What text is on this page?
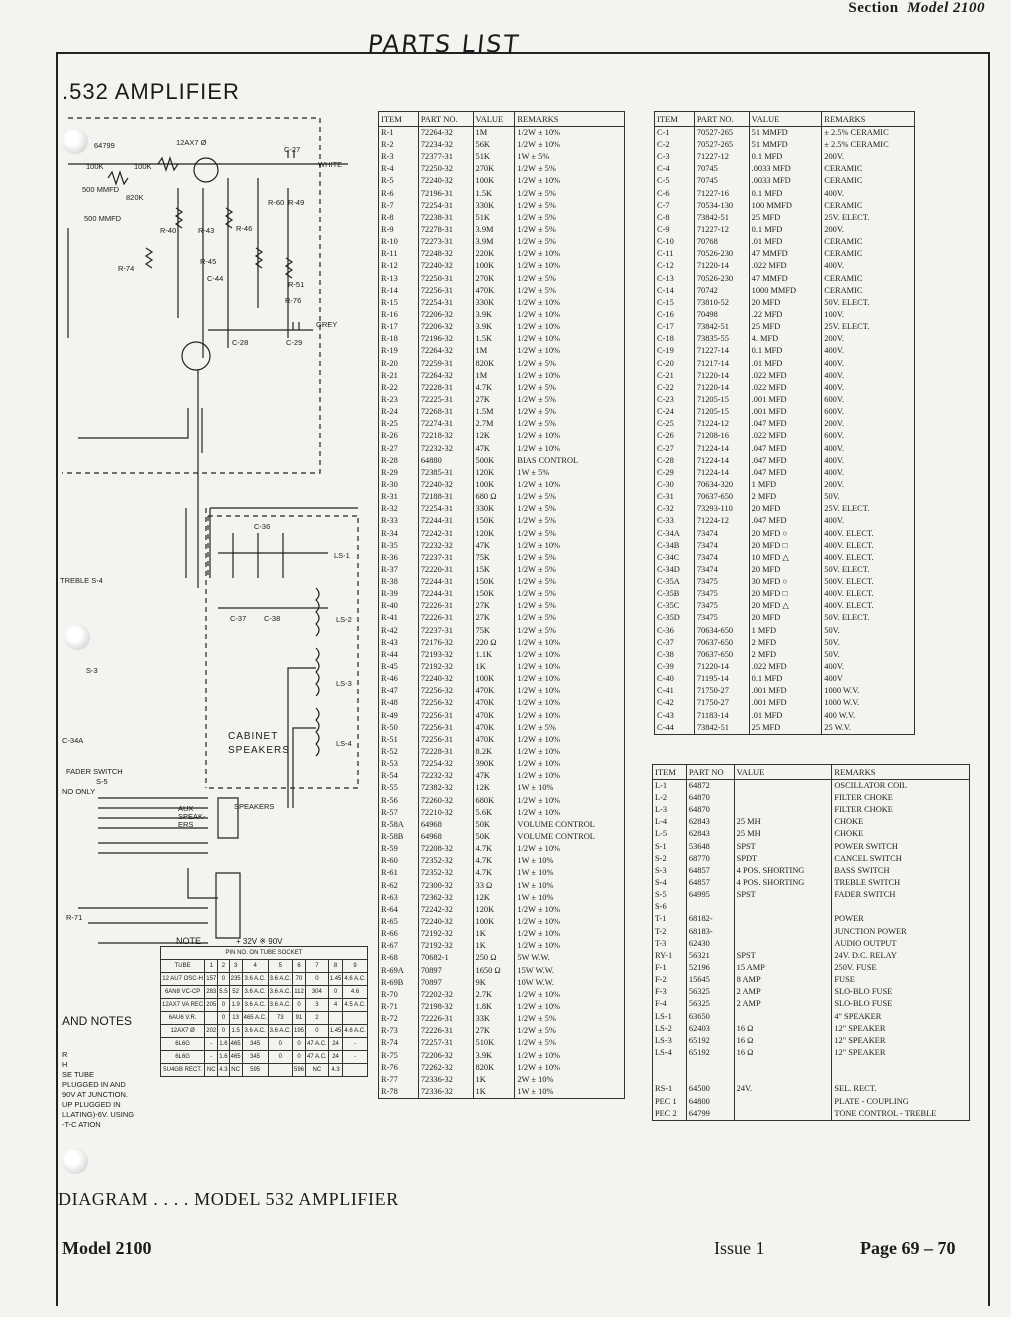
Section Model 2100
PARTS LIST
.532 AMPLIFIER
64799	12AX7 Ø
100K	100K
820K
500 MMFD
500 MMFD
WHITE
GREY
C-27
C-29
C-28
C-44
R-40	R-43	R-46
R-45
R-60 R-49
R-74
R-51
R-76
C-36
C-37 C-38
TREBLE S-4
S-3
LS-1
LS-2
LS-3
LS-4
CABINET
SPEAKERS
C-34A
FADER SWITCH
S-5
NO ONLY
AUX SPEAK- ERS
SPEAKERS
R-71
NOTE	+ 32V ※ 90V
PIN NO. ON TUBE SOCKET									
TUBE	1	2	3	4	5	6	7	8	9
12 AU7 OSC-H	157	0	235	3.6 A.C.	3.6 A.C.	70	0	1.45	4.6 A.C.
6AN8 VC-CP	283	5.5	52	3.6 A.C.	3.6 A.C.	112	304	0	4.6
12AX7 VA REC	205	0	1.9	3.6 A.C.	3.6 A.C.	0	3	4	4.5 A.C.
6AU6 V.R.		0	13	465 A.C.	73	91	2		
12AX7 Ø	202	0	1.5	3.6 A.C.	3.6 A.C.	195	0	1.45	4.6 A.C.
6L6G	-	1.6	465	345	0	0	47 A.C.	24	-
6L6G	-	1.6	465	345	0	0	47 A.C.	24	-
5U4GB RECT.	NC	4.3	NC	595		596	NC	4.3	
AND NOTES
R
H
SE TUBE
PLUGGED IN AND
90V AT JUNCTION.
UP PLUGGED IN
LLATING)-6V. USING
-T-C ATION
ITEM	PART NO.	VALUE	REMARKS
R-1	72264-32	1M	1/2W ± 10%
R-2	72234-32	56K	1/2W ± 10%
R-3	72377-31	51K	1W ± 5%
R-4	72250-32	270K	1/2W ± 5%
R-5	72240-32	100K	1/2W ± 10%
R-6	72196-31	1.5K	1/2W ± 5%
R-7	72254-31	330K	1/2W ± 5%
R-8	72238-31	51K	1/2W ± 5%
R-9	72278-31	3.9M	1/2W ± 5%
R-10	72273-31	3.9M	1/2W ± 5%
R-11	72248-32	220K	1/2W ± 10%
R-12	72240-32	100K	1/2W ± 10%
R-13	72250-31	270K	1/2W ± 5%
R-14	72256-31	470K	1/2W ± 5%
R-15	72254-31	330K	1/2W ± 10%
R-16	72206-32	3.9K	1/2W ± 10%
R-17	72206-32	3.9K	1/2W ± 10%
R-18	72196-32	1.5K	1/2W ± 10%
R-19	72264-32	1M	1/2W ± 10%
R-20	72259-31	820K	1/2W ± 5%
R-21	72264-32	1M	1/2W ± 10%
R-22	72228-31	4.7K	1/2W ± 5%
R-23	72225-31	27K	1/2W ± 5%
R-24	72268-31	1.5M	1/2W ± 5%
R-25	72274-31	2.7M	1/2W ± 5%
R-26	72218-32	12K	1/2W ± 10%
R-27	72232-32	47K	1/2W ± 10%
R-28	64880	500K	BIAS CONTROL
R-29	72385-31	120K	1W ± 5%
R-30	72240-32	100K	1/2W ± 10%
R-31	72188-31	680 Ω	1/2W ± 5%
R-32	72254-31	330K	1/2W ± 5%
R-33	72244-31	150K	1/2W ± 5%
R-34	72242-31	120K	1/2W ± 5%
R-35	72232-32	47K	1/2W ± 10%
R-36	72237-31	75K	1/2W ± 5%
R-37	72220-31	15K	1/2W ± 5%
R-38	72244-31	150K	1/2W ± 5%
R-39	72244-31	150K	1/2W ± 5%
R-40	72226-31	27K	1/2W ± 5%
R-41	72226-31	27K	1/2W ± 5%
R-42	72237-31	75K	1/2W ± 5%
R-43	72176-32	220 Ω	1/2W ± 10%
R-44	72193-32	1.1K	1/2W ± 10%
R-45	72192-32	1K	1/2W ± 10%
R-46	72240-32	100K	1/2W ± 10%
R-47	72256-32	470K	1/2W ± 10%
R-48	72256-32	470K	1/2W ± 10%
R-49	72256-31	470K	1/2W ± 10%
R-50	72256-31	470K	1/2W ± 5%
R-51	72256-31	470K	1/2W ± 10%
R-52	72228-31	8.2K	1/2W ± 10%
R-53	72254-32	390K	1/2W ± 10%
R-54	72232-32	47K	1/2W ± 10%
R-55	72382-32	12K	1W ± 10%
R-56	72260-32	680K	1/2W ± 10%
R-57	72210-32	5.6K	1/2W ± 10%
R-58A	64968	50K	VOLUME CONTROL
R-58B	64968	50K	VOLUME CONTROL
R-59	72208-32	4.7K	1/2W ± 10%
R-60	72352-32	4.7K	1W ± 10%
R-61	72352-32	4.7K	1W ± 10%
R-62	72300-32	33 Ω	1W ± 10%
R-63	72362-32	12K	1W ± 10%
R-64	72242-32	120K	1/2W ± 10%
R-65	72240-32	100K	1/2W ± 10%
R-66	72192-32	1K	1/2W ± 10%
R-67	72192-32	1K	1/2W ± 10%
R-68	70682-1	250 Ω	5W W.W.
R-69A	70897	1650 Ω	15W W.W.
R-69B	70897	9K	10W W.W.
R-70	72202-32	2.7K	1/2W ± 10%
R-71	72198-32	1.8K	1/2W ± 10%
R-72	72226-31	33K	1/2W ± 5%
R-73	72226-31	27K	1/2W ± 5%
R-74	72257-31	510K	1/2W ± 5%
R-75	72206-32	3.9K	1/2W ± 10%
R-76	72262-32	820K	1/2W ± 10%
R-77	72336-32	1K	2W ± 10%
R-78	72336-32	1K	1W ± 10%
ITEM	PART NO.	VALUE	REMARKS
C-1	70527-265	51 MMFD	± 2.5% CERAMIC
C-2	70527-265	51 MMFD	± 2.5% CERAMIC
C-3	71227-12	0.1 MFD	200V.
C-4	70745	.0033 MFD	CERAMIC
C-5	70745	.0033 MFD	CERAMIC
C-6	71227-16	0.1 MFD	400V.
C-7	70534-130	100 MMFD	CERAMIC
C-8	73842-51	25 MFD	25V. ELECT.
C-9	71227-12	0.1 MFD	200V.
C-10	70768	.01 MFD	CERAMIC
C-11	70526-230	47 MMFD	CERAMIC
C-12	71220-14	.022 MFD	400V.
C-13	70526-230	47 MMFD	CERAMIC
C-14	70742	1000 MMFD	CERAMIC
C-15	73810-52	20 MFD	50V. ELECT.
C-16	70498	.22 MFD	100V.
C-17	73842-51	25 MFD	25V. ELECT.
C-18	73835-55	4. MFD	200V.
C-19	71227-14	0.1 MFD	400V.
C-20	71217-14	.01 MFD	400V.
C-21	71220-14	.022 MFD	400V.
C-22	71220-14	.022 MFD	400V.
C-23	71205-15	.001 MFD	600V.
C-24	71205-15	.001 MFD	600V.
C-25	71224-12	.047 MFD	200V.
C-26	71208-16	.022 MFD	600V.
C-27	71224-14	.047 MFD	400V.
C-28	71224-14	.047 MFD	400V.
C-29	71224-14	.047 MFD	400V.
C-30	70634-320	1 MFD	200V.
C-31	70637-650	2 MFD	50V.
C-32	73293-110	20 MFD	25V. ELECT.
C-33	71224-12	.047 MFD	400V.
C-34A	73474	20 MFD ○	400V. ELECT.
C-34B	73474	20 MFD □	400V. ELECT.
C-34C	73474	10 MFD △	400V. ELECT.
C-34D	73474	20 MFD	50V. ELECT.
C-35A	73475	30 MFD ○	500V. ELECT.
C-35B	73475	20 MFD □	400V. ELECT.
C-35C	73475	20 MFD △	400V. ELECT.
C-35D	73475	20 MFD	50V. ELECT.
C-36	70634-650	1 MFD	50V.
C-37	70637-650	2 MFD	50V.
C-38	70637-650	2 MFD	50V.
C-39	71220-14	.022 MFD	400V.
C-40	71195-14	0.1 MFD	400V
C-41	71750-27	.001 MFD	1000 W.V.
C-42	71750-27	.001 MFD	1000 W.V.
C-43	71183-14	.01 MFD	400 W.V.
C-44	73842-51	25 MFD	25 W.V.
ITEM	PART NO	VALUE	REMARKS
L-1	64872		OSCILLATOR COIL
L-2	64870		FILTER CHOKE
L-3	64870		FILTER CHOKE
L-4	62843	25 MH	CHOKE
L-5	62843	25 MH	CHOKE
S-1	53648	SPST	POWER SWITCH
S-2	68770	SPDT	CANCEL SWITCH
S-3	64857	4 POS. SHORTING	BASS SWITCH
S-4	64857	4 POS. SHORTING	TREBLE SWITCH
S-5	64995	SPST	FADER SWITCH
S-6			
T-1	68182-		POWER
T-2	68183-		JUNCTION POWER
T-3	62430		AUDIO OUTPUT
RY-1	56321	SPST	24V. D.C. RELAY
F-1	52196	15 AMP	250V. FUSE
F-2	15645	8 AMP	FUSE
F-3	56325	2 AMP	SLO-BLO FUSE
F-4	56325	2 AMP	SLO-BLO FUSE
LS-1	63650		4" SPEAKER
LS-2	62403	16 Ω	12" SPEAKER
LS-3	65192	16 Ω	12" SPEAKER
LS-4	65192	16 Ω	12" SPEAKER

RS-1	64500	24V.	SEL. RECT.
PEC 1	64800		PLATE - COUPLING
PEC 2	64799		TONE CONTROL - TREBLE
DIAGRAM . . . . MODEL 532 AMPLIFIER
Model 2100	Issue 1	Page 69 – 70
